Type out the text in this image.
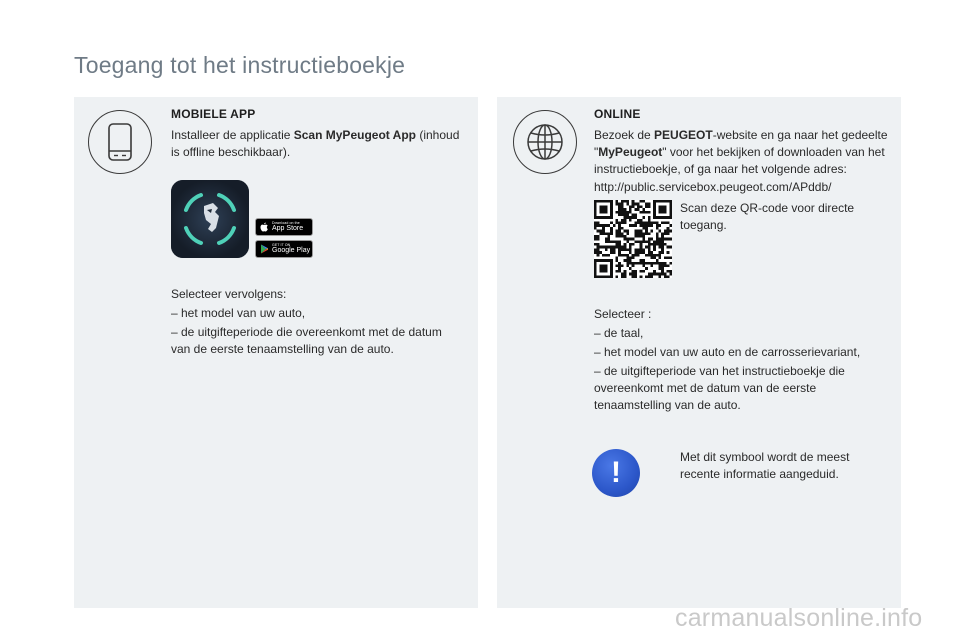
Toegang tot het instructieboekje
MOBIELE APP

Installeer de applicatie Scan MyPeugeot App (inhoud is offline beschikbaar).

Download on the
App Store
GET IT ON
Google Play

Selecteer vervolgens:

– het model van uw auto,

– de uitgifteperiode die overeenkomt met de datum van de eerste tenaamstelling van de auto.

ONLINE

Bezoek de PEUGEOT-website en ga naar het gedeelte "MyPeugeot" voor het bekijken of downloaden van het instructieboekje, of ga naar het volgende adres:

http://public.servicebox.peugeot.com/APddb/

Scan deze QR-code voor directe toegang.

Selecteer :

– de taal,

– het model van uw auto en de carrosserievariant,

– de uitgifteperiode van het instructieboekje die overeenkomt met de datum van de eerste tenaamstelling van de auto.

!	Met dit symbool wordt de meest recente informatie aangeduid.

carmanualsonline.info
